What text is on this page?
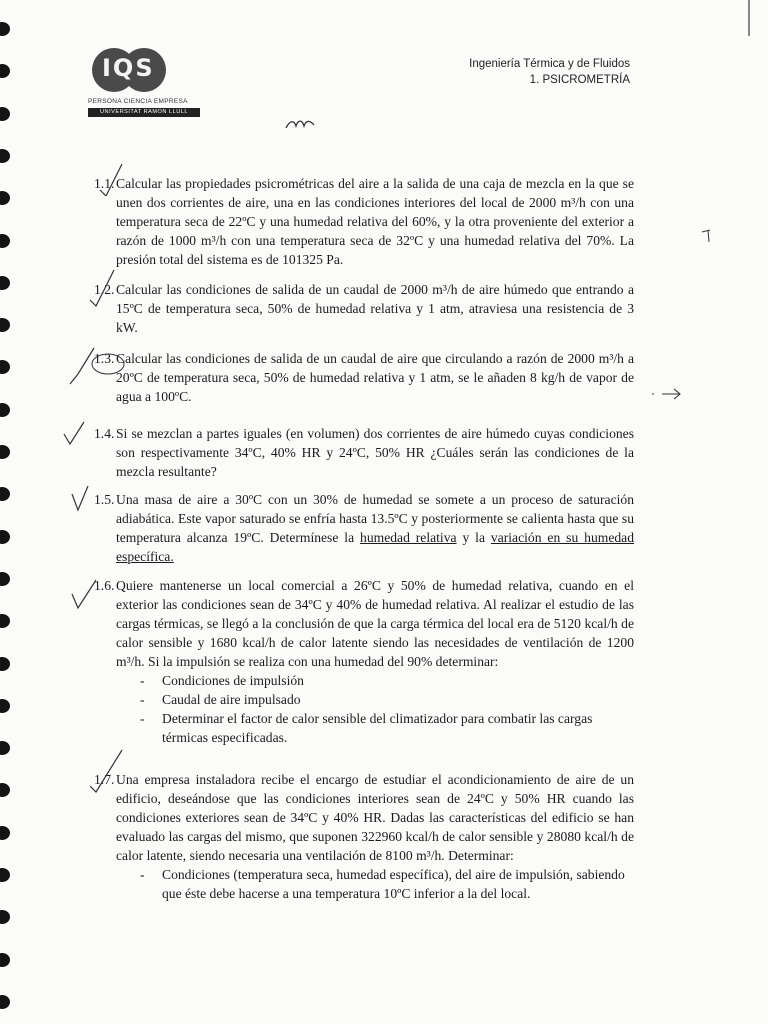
IQS
PERSONA CIENCIA EMPRESA
UNIVERSITAT RAMON LLULL
Ingeniería Térmica y de Fluidos
1. PSICROMETRÍA
1.1. Calcular las propiedades psicrométricas del aire a la salida de una caja de mezcla en la que se unen dos corrientes de aire, una en las condiciones interiores del local de 2000 m³/h con una temperatura seca de 22ºC y una humedad relativa del 60%, y la otra proveniente del exterior a razón de 1000 m³/h con una temperatura seca de 32ºC y una humedad relativa del 70%. La presión total del sistema es de 101325 Pa.
1.2. Calcular las condiciones de salida de un caudal de 2000 m³/h de aire húmedo que entrando a 15ºC de temperatura seca, 50% de humedad relativa y 1 atm, atraviesa una resistencia de 3 kW.
1.3. Calcular las condiciones de salida de un caudal de aire que circulando a razón de 2000 m³/h a 20ºC de temperatura seca, 50% de humedad relativa y 1 atm, se le añaden 8 kg/h de vapor de agua a 100ºC.
1.4. Si se mezclan a partes iguales (en volumen) dos corrientes de aire húmedo cuyas condiciones son respectivamente 34ºC, 40% HR y 24ºC, 50% HR ¿Cuáles serán las condiciones de la mezcla resultante?
1.5. Una masa de aire a 30ºC con un 30% de humedad se somete a un proceso de saturación adiabática. Este vapor saturado se enfría hasta 13.5ºC y posteriormente se calienta hasta que su temperatura alcanza 19ºC. Determínese la humedad relativa y la variación en su humedad específica.
1.6. Quiere mantenerse un local comercial a 26ºC y 50% de humedad relativa, cuando en el exterior las condiciones sean de 34ºC y 40% de humedad relativa. Al realizar el estudio de las cargas térmicas, se llegó a la conclusión de que la carga térmica del local era de 5120 kcal/h de calor sensible y 1680 kcal/h de calor latente siendo las necesidades de ventilación de 1200 m³/h. Si la impulsión se realiza con una humedad del 90% determinar:
- Condiciones de impulsión
- Caudal de aire impulsado
- Determinar el factor de calor sensible del climatizador para combatir las cargas térmicas especificadas.
1.7. Una empresa instaladora recibe el encargo de estudiar el acondicionamiento de aire de un edificio, deseándose que las condiciones interiores sean de 24ºC y 50% HR cuando las condiciones exteriores sean de 34ºC y 40% HR. Dadas las características del edificio se han evaluado las cargas del mismo, que suponen 322960 kcal/h de calor sensible y 28080 kcal/h de calor latente, siendo necesaria una ventilación de 8100 m³/h. Determinar:
- Condiciones (temperatura seca, humedad específica), del aire de impulsión, sabiendo que éste debe hacerse a una temperatura 10ºC inferior a la del local.
